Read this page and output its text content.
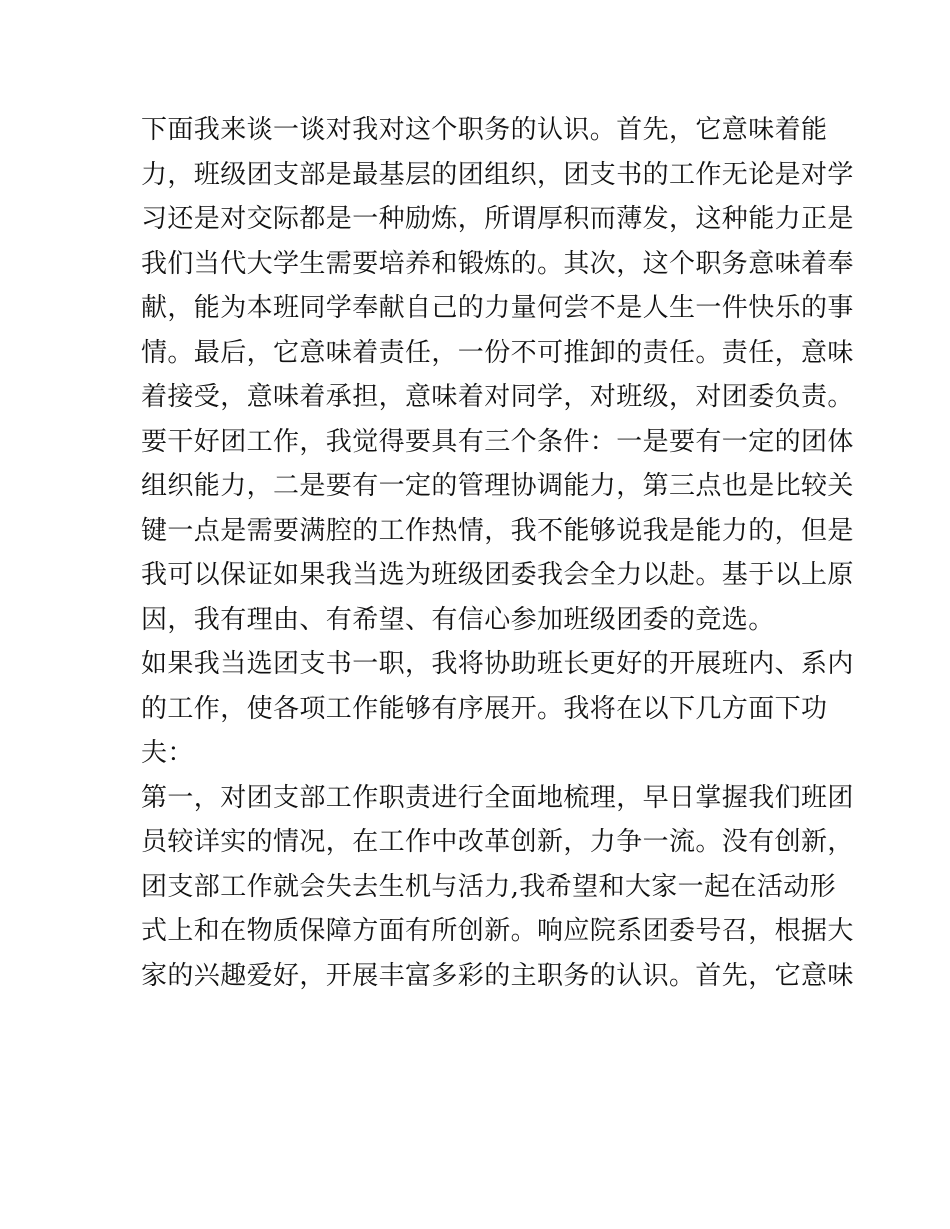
下面我来谈一谈对我对这个职务的认识。首先，它意味着能
力，班级团支部是最基层的团组织，团支书的工作无论是对学
习还是对交际都是一种励炼，所谓厚积而薄发，这种能力正是
我们当代大学生需要培养和锻炼的。其次，这个职务意味着奉
献，能为本班同学奉献自己的力量何尝不是人生一件快乐的事
情。最后，它意味着责任，一份不可推卸的责任。责任，意味
着接受，意味着承担，意味着对同学，对班级，对团委负责。
要干好团工作，我觉得要具有三个条件：一是要有一定的团体
组织能力，二是要有一定的管理协调能力，第三点也是比较关
键一点是需要满腔的工作热情，我不能够说我是能力的，但是
我可以保证如果我当选为班级团委我会全力以赴。基于以上原
因，我有理由、有希望、有信心参加班级团委的竞选。
如果我当选团支书一职，我将协助班长更好的开展班内、系内
的工作，使各项工作能够有序展开。我将在以下几方面下功
夫：
第一，对团支部工作职责进行全面地梳理，早日掌握我们班团
员较详实的情况，在工作中改革创新，力争一流。没有创新，
团支部工作就会失去生机与活力,我希望和大家一起在活动形
式上和在物质保障方面有所创新。响应院系团委号召，根据大
家的兴趣爱好，开展丰富多彩的主职务的认识。首先，它意味
